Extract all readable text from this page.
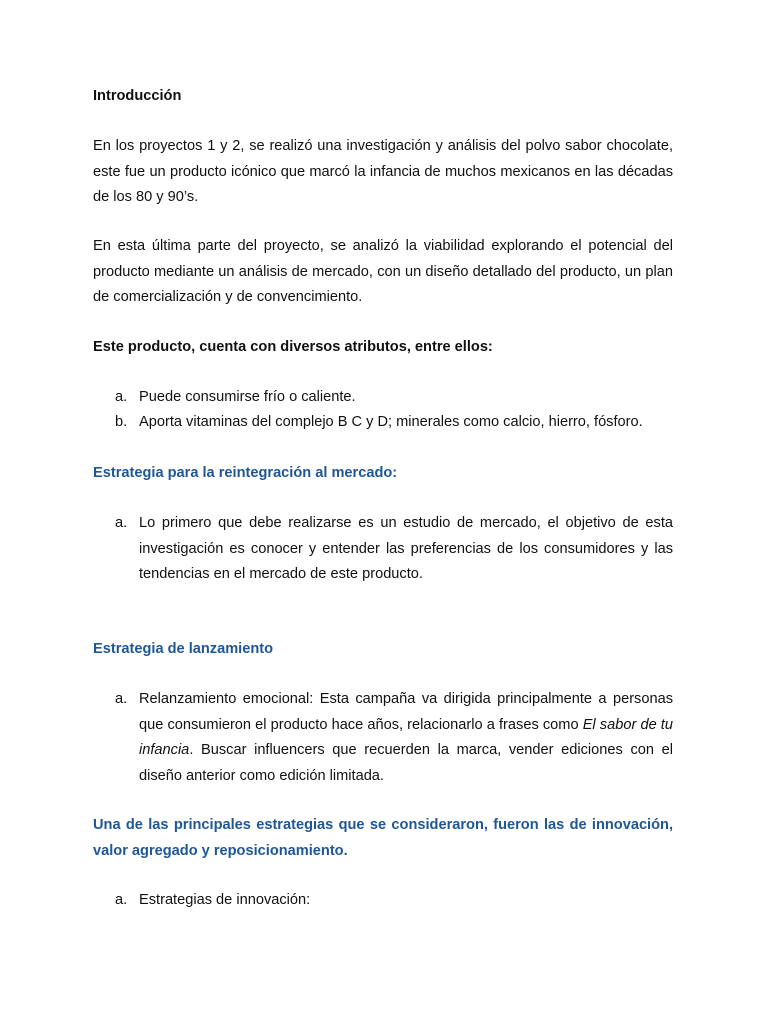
Introducción

En los proyectos 1 y 2, se realizó una investigación y análisis del polvo sabor chocolate, este fue un producto icónico que marcó la infancia de muchos mexicanos en las décadas de los 80 y 90’s.

En esta última parte del proyecto, se analizó la viabilidad explorando el potencial del producto mediante un análisis de mercado, con un diseño detallado del producto, un plan de comercialización y de convencimiento.

Este producto, cuenta con diversos atributos, entre ellos:

a. Puede consumirse frío o caliente.
b. Aporta vitaminas del complejo B C y D; minerales como calcio, hierro, fósforo.

Estrategia para la reintegración al mercado:

a. Lo primero que debe realizarse es un estudio de mercado, el objetivo de esta investigación es conocer y entender las preferencias de los consumidores y las tendencias en el mercado de este producto.

Estrategia de lanzamiento

a. Relanzamiento emocional: Esta campaña va dirigida principalmente a personas que consumieron el producto hace años, relacionarlo a frases como El sabor de tu infancia. Buscar influencers que recuerden la marca, vender ediciones con el diseño anterior como edición limitada.

Una de las principales estrategias que se consideraron, fueron las de innovación, valor agregado y reposicionamiento.

a. Estrategias de innovación:
